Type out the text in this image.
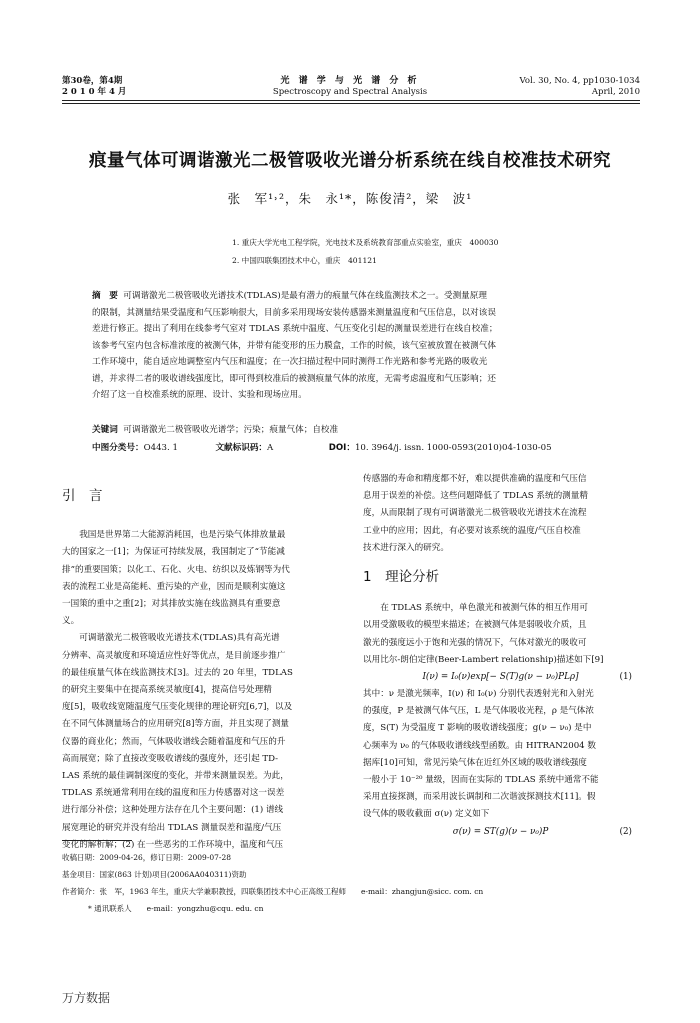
第30卷，第4期
2 0 1 0 年 4 月
光 谱 学 与 光 谱 分 析
Spectroscopy and Spectral Analysis
Vol. 30, No. 4, pp1030-1034
April, 2010
痕量气体可调谐激光二极管吸收光谱分析系统在线自校准技术研究
张　军¹˒²，朱　永¹*，陈俊清²，梁　波¹
1. 重庆大学光电工程学院，光电技术及系统教育部重点实验室，重庆　400030
2. 中国四联集团技术中心，重庆　401121
摘　要 可调谐激光二极管吸收光谱技术(TDLAS)是最有潜力的痕量气体在线监测技术之一。受测量原理
的限制，其测量结果受温度和气压影响很大，目前多采用现场安装传感器来测量温度和气压信息，以对该误
差进行修正。提出了利用在线参考气室对 TDLAS 系统中温度、气压变化引起的测量误差进行在线自校准；
该参考气室内包含标准浓度的被测气体，并带有能变形的压力膜盒，工作的时候，该气室被放置在被测气体
工作环境中，能自适应地调整室内气压和温度；在一次扫描过程中同时测得工作光路和参考光路的吸收光
谱，并求得二者的吸收谱线强度比，即可得到校准后的被测痕量气体的浓度，无需考虑温度和气压影响；还
介绍了这一自校准系统的原理、设计、实验和现场应用。
关键词 可调谐激光二极管吸收光谱学；污染；痕量气体；自校准
中图分类号：O443. 1	文献标识码：A	DOI：10. 3964/j. issn. 1000-0593(2010)04-1030-05
引　言

我国是世界第二大能源消耗国，也是污染气体排放量最

大的国家之一[1]；为保证可持续发展，我国制定了“节能减
排”的重要国策；以化工、石化、火电、纺织以及炼钢等为代
表的流程工业是高能耗、重污染的产业，因而是顺利实施这
一国策的重中之重[2]；对其排放实施在线监测具有重要意
义。

可调谐激光二极管吸收光谱技术(TDLAS)具有高光谱

分辨率、高灵敏度和环境适应性好等优点，是目前逐步推广
的最佳痕量气体在线监测技术[3]。过去的 20 年里，TDLAS
的研究主要集中在提高系统灵敏度[4]，提高信号处理精
度[5]，吸收线宽随温度气压变化规律的理论研究[6,7]，以及
在不同气体测量场合的应用研究[8]等方面，并且实现了测量
仪器的商业化；然而，气体吸收谱线会随着温度和气压的升
高而展宽；除了直接改变吸收谱线的强度外，还引起 TD-
LAS 系统的最佳调制深度的变化，并带来测量误差。为此，
TDLAS 系统通常利用在线的温度和压力传感器对这一误差
进行部分补偿；这种处理方法存在几个主要问题：(1) 谱线
展宽理论的研究并没有给出 TDLAS 测量误差和温度/气压
变化的解析解；(2) 在一些恶劣的工作环境中，温度和气压
传感器的寿命和精度都不好，难以提供准确的温度和气压信
息用于误差的补偿。这些问题降低了 TDLAS 系统的测量精
度，从而限制了现有可调谐激光二极管吸收光谱技术在流程
工业中的应用；因此，有必要对该系统的温度/气压自校准
技术进行深入的研究。
1　理论分析

在 TDLAS 系统中，单色激光和被测气体的相互作用可

以用受激吸收的模型来描述；在被测气体是弱吸收介质，且
激光的强度远小于饱和光强的情况下，气体对激光的吸收可
以用比尔-朗伯定律(Beer-Lambert relationship)描述如下[9]
I(ν) = I₀(ν)exp[− S(T)g(ν − ν₀)PLρ]	(1)
其中：ν 是激光频率，I(ν) 和 I₀(ν) 分别代表透射光和入射光
的强度，P 是被测气体气压，L 是气体吸收光程，ρ 是气体浓
度，S(T) 为受温度 T 影响的吸收谱线强度；g(ν − ν₀) 是中
心频率为 ν₀ 的气体吸收谱线线型函数。由 HITRAN2004 数
据库[10]可知，常见污染气体在近红外区域的吸收谱线强度
一般小于 10⁻²⁰ 量级，因而在实际的 TDLAS 系统中通常不能
采用直接探测，而采用波长调制和二次谐波探测技术[11]。假
设气体的吸收截面 σ(ν) 定义如下
σ(ν) = ST(g)(ν − ν₀)P	(2)
收稿日期：2009-04-26，修订日期：2009-07-28
基金项目：国家(863 计划)项目(2006AA040311)资助
作者简介：张　军，1963 年生，重庆大学兼职教授，四联集团技术中心正高级工程师　　e-mail：zhangjun@sicc. com. cn
* 通讯联系人　　e-mail：yongzhu@cqu. edu. cn
万方数据
